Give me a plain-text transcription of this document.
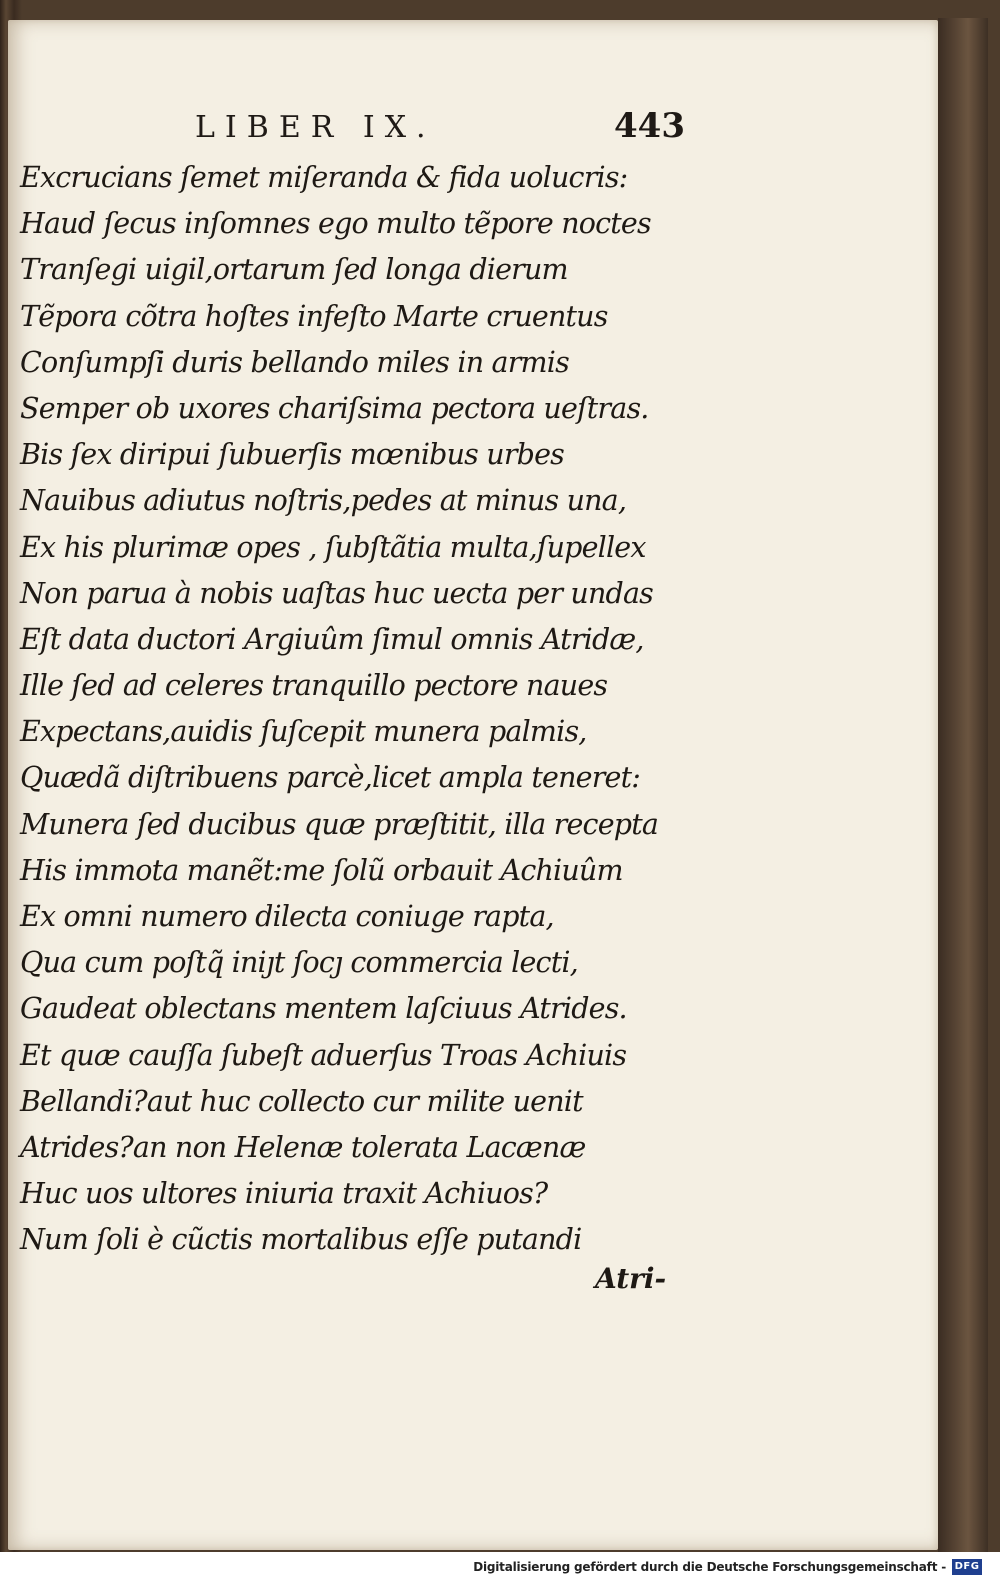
LIBER IX.	443
Excrucians ſemet miſeranda & fida uolucris:
Haud ſecus inſomnes ego multo tẽpore noctes
Tranſegi uigil,ortarum ſed longa dierum
Tẽpora cõtra hoſtes infeſto Marte cruentus
Conſumpſi duris bellando miles in armis
Semper ob uxores chariſsima pectora ueſtras.
Bis ſex diripui ſubuerſis mœnibus urbes
Nauibus adiutus noſtris,pedes at minus una,
Ex his plurimæ opes , ſubſtãtia multa,ſupellex
Non parua à nobis uaſtas huc uecta per undas
Eſt data ductori Argiuûm ſimul omnis Atridæ,
Ille ſed ad celeres tranquillo pectore naues
Expectans,auidis ſuſcepit munera palmis,
Quædã diſtribuens parcè,licet ampla teneret:
Munera ſed ducibus quæ præſtitit, illa recepta
His immota manẽt:me ſolũ orbauit Achiuûm
Ex omni numero dilecta coniuge rapta,
Qua cum poſtq̃ iniȷt ſocȷ commercia lecti,
Gaudeat oblectans mentem laſciuus Atrides.
Et quæ cauſſa ſubeſt aduerſus Troas Achiuis
Bellandi?aut huc collecto cur milite uenit
Atrides?an non Helenæ tolerata Lacænæ
Huc uos ultores iniuria traxit Achiuos?
Num ſoli è cũctis mortalibus eſſe putandi
Atri-
Digitalisierung gefördert durch die Deutsche Forschungsgemeinschaft - DFG
